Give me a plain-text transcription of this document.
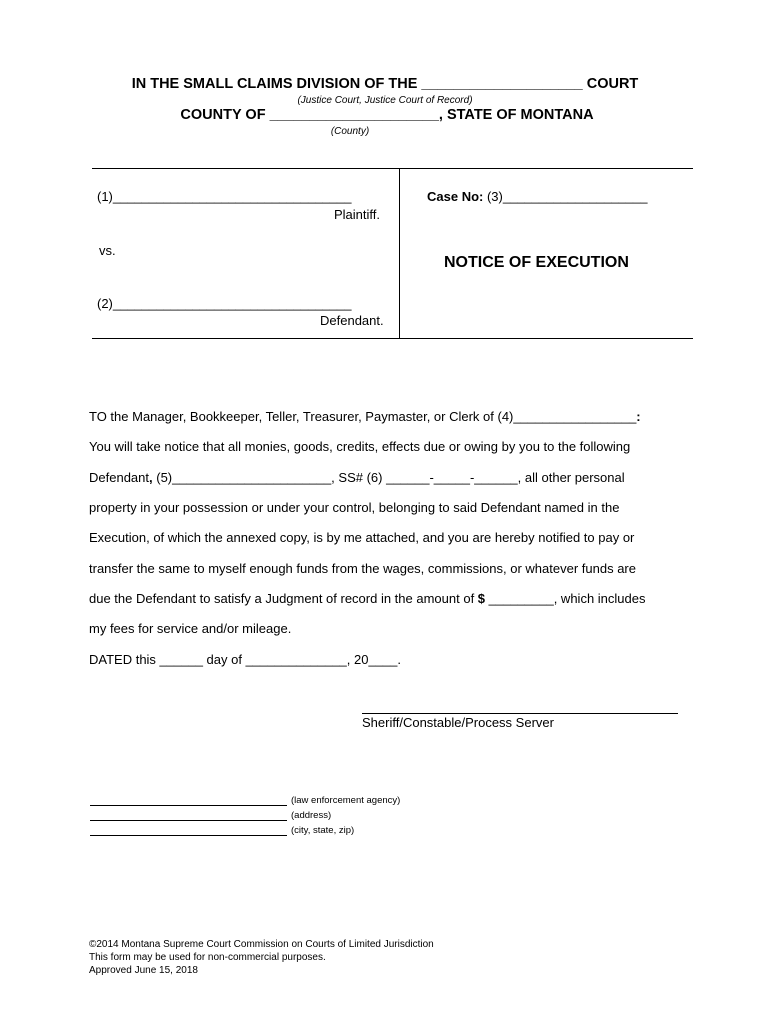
IN THE SMALL CLAIMS DIVISION OF THE ____________________ COURT
(Justice Court, Justice Court of Record)
COUNTY OF _____________________, STATE OF MONTANA
(County)
(1)_________________________________
Plaintiff.
vs.
(2)_________________________________
Defendant.
Case No: (3)____________________
NOTICE OF EXECUTION
TO the Manager, Bookkeeper, Teller, Treasurer, Paymaster, or Clerk of (4)_________________:
You will take notice that all monies, goods, credits, effects due or owing by you to the following
Defendant, (5)______________________, SS# (6) ______-_____-______, all other personal
property in your possession or under your control, belonging to said Defendant named in the
Execution, of which the annexed copy, is by me attached, and you are hereby notified to pay or
transfer the same to myself enough funds from the wages, commissions, or whatever funds are
due the Defendant to satisfy a Judgment of record in the amount of $ _________, which includes
my fees for service and/or mileage.
DATED this ______ day of ______________, 20____.
Sheriff/Constable/Process Server
(law enforcement agency)
(address)
(city, state, zip)
©2014 Montana Supreme Court Commission on Courts of Limited Jurisdiction
This form may be used for non-commercial purposes.
Approved June 15, 2018
